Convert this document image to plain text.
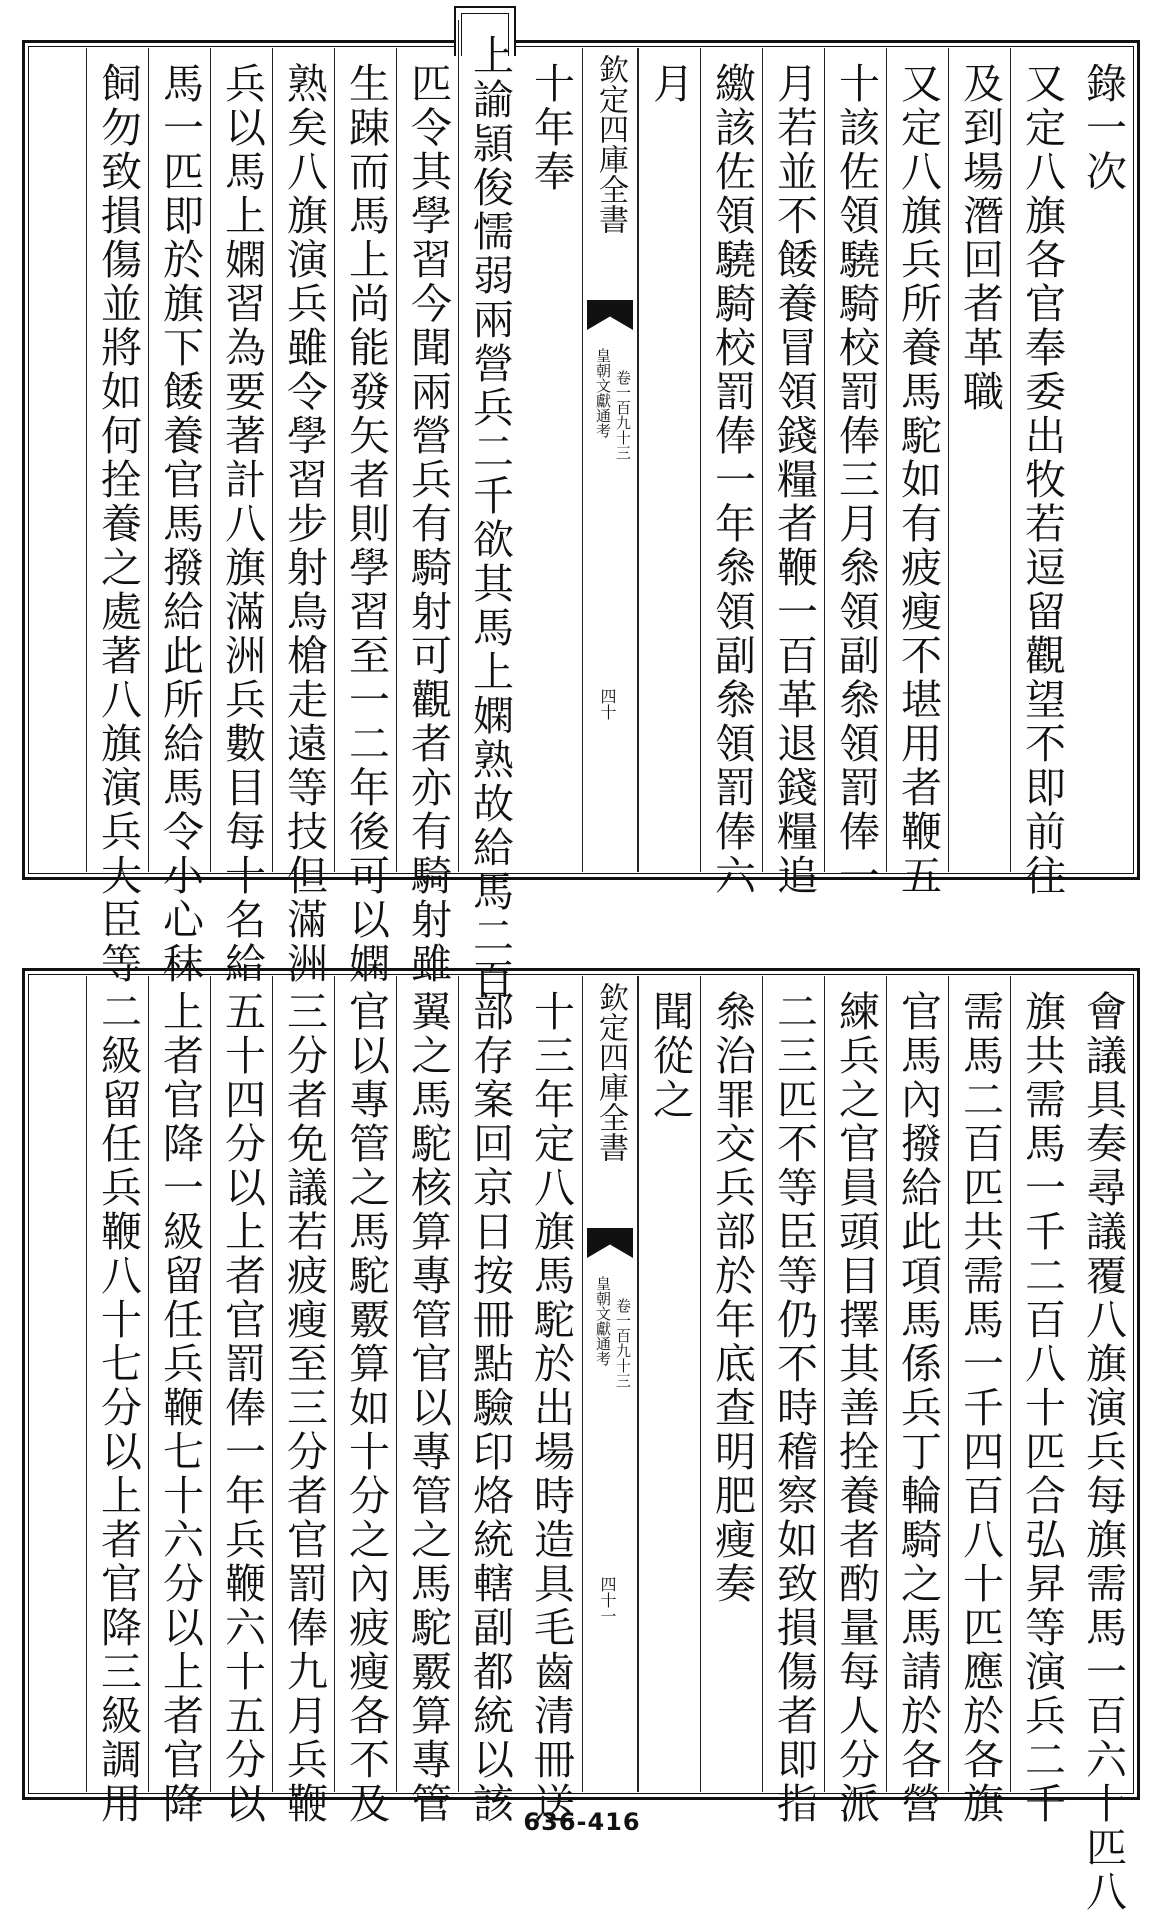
錄一次
又定八旗各官奉委出牧若逗留觀望不即前往
及到場潛回者革職
又定八旗兵所養馬駝如有疲瘦不堪用者鞭五
十該佐領驍騎校罰俸三月叅領副叅領罰俸一
月若並不餧養冒領錢糧者鞭一百革退錢糧追
繳該佐領驍騎校罰俸一年叅領副叅領罰俸六
月
欽定四庫全書
皇朝文獻通考 卷一百九十三
四十
十年奉
上諭頴俊懦弱兩營兵二千欲其馬上嫻熟故給馬二百
匹令其學習今聞兩營兵有騎射可觀者亦有騎射雖
生踈而馬上尚能發矢者則學習至一二年後可以嫻
熟矣八旗演兵雖令學習步射鳥槍走遠等技但滿洲
兵以馬上嫻習為要著計八旗滿洲兵數目每十名給
馬一匹即於旗下餧養官馬撥給此所給馬令小心秣
飼勿致損傷並將如何拴養之處著八旗演兵大臣等
會議具奏尋議覆八旗演兵每旗需馬一百六十匹八
旗共需馬一千二百八十匹合弘昇等演兵二千
需馬二百匹共需馬一千四百八十匹應於各旗
官馬內撥給此項馬係兵丁輪騎之馬請於各營
練兵之官員頭目擇其善拴養者酌量每人分派
二三匹不等臣等仍不時稽察如致損傷者即指
叅治罪交兵部於年底查明肥瘦奏
聞從之
欽定四庫全書
皇朝文獻通考 卷一百九十三
四十一
十三年定八旗馬駝於出場時造具毛齒清冊送
部存案回京日按冊點驗印烙統轄副都統以該
翼之馬駝核算專管官以專管之馬駝覈算專管
官以專管之馬駝覈算如十分之內疲瘦各不及
三分者免議若疲瘦至三分者官罰俸九月兵鞭
五十四分以上者官罰俸一年兵鞭六十五分以
上者官降一級留任兵鞭七十六分以上者官降
二級留任兵鞭八十七分以上者官降三級調用	636-416
